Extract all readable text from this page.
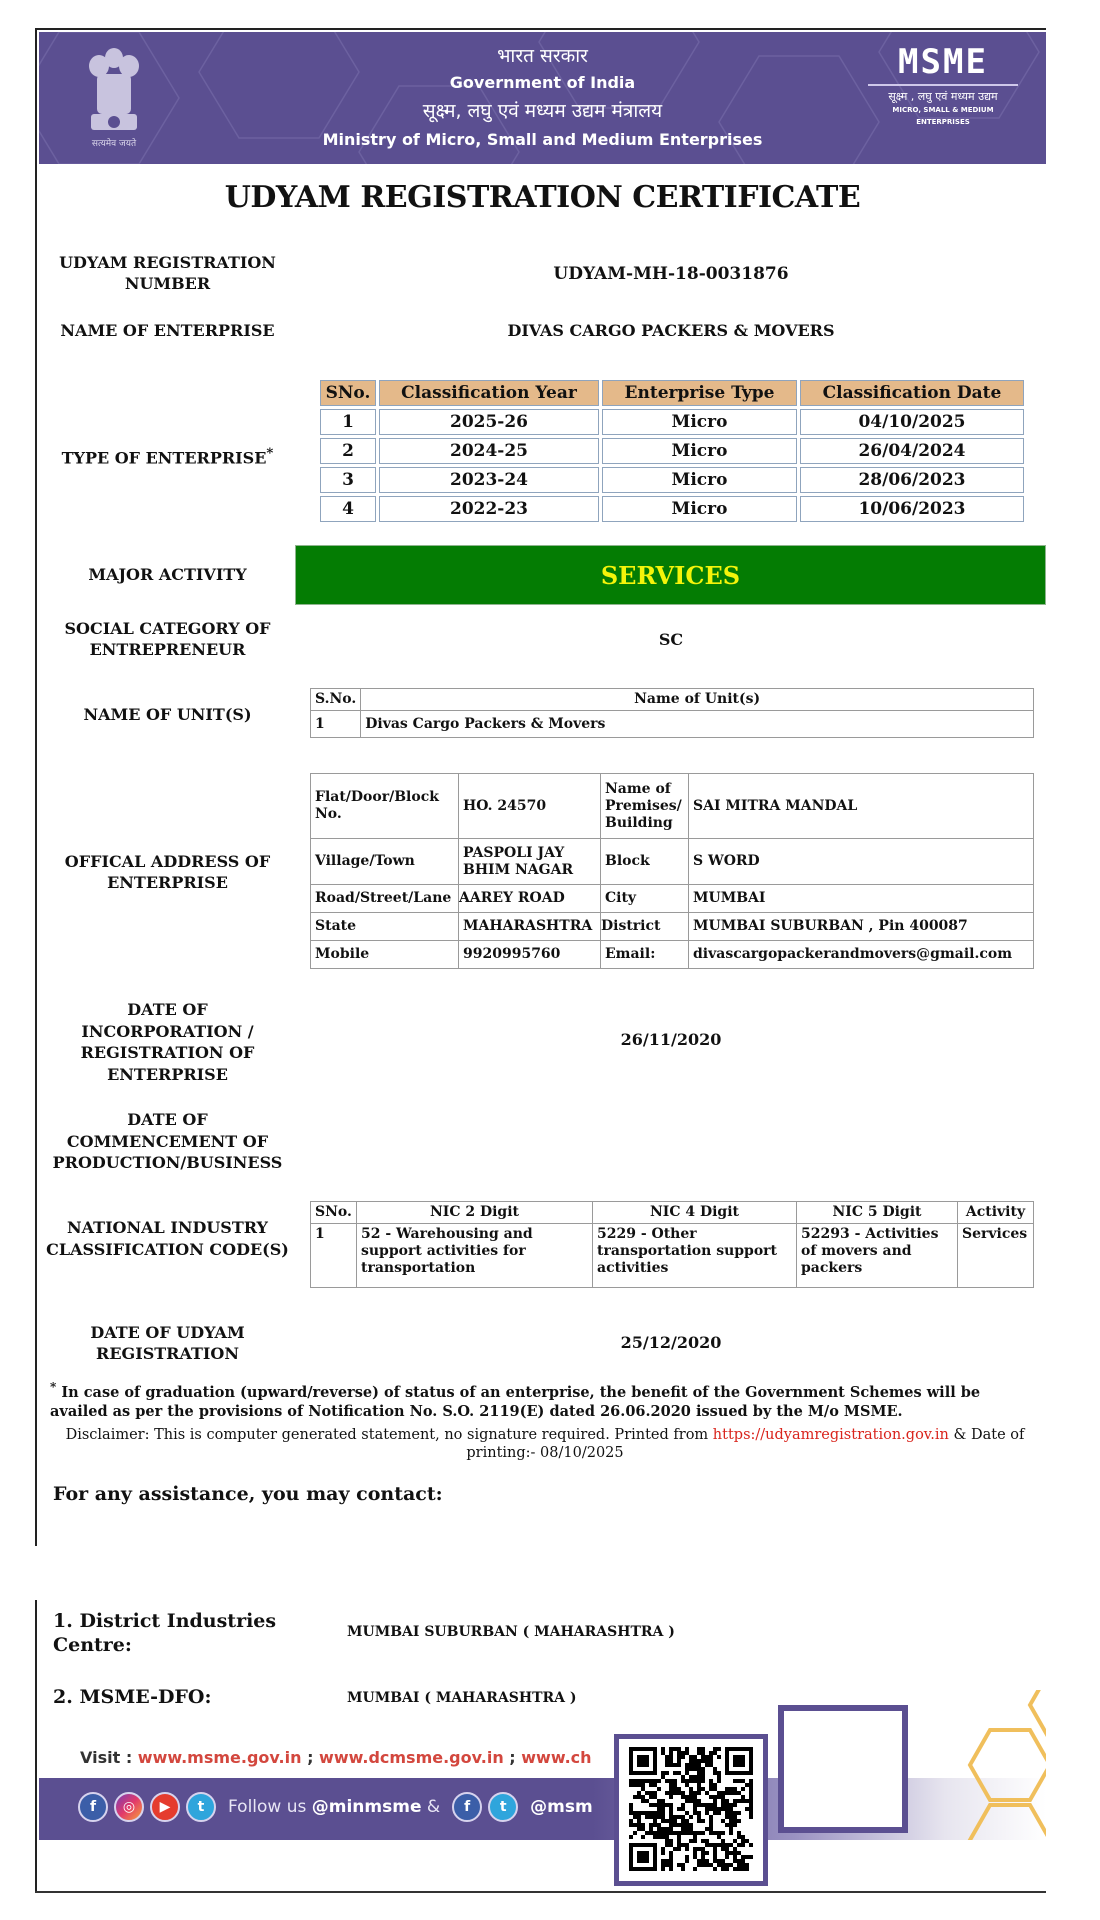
सत्यमेव जयते
भारत सरकार
Government of India
सूक्ष्म, लघु एवं मध्यम उद्यम मंत्रालय
Ministry of Micro, Small and Medium Enterprises
MSME
सूक्ष्म , लघु एवं मध्यम उद्यम
MICRO, SMALL & MEDIUM ENTERPRISES
UDYAM REGISTRATION CERTIFICATE
UDYAM REGISTRATION NUMBER	UDYAM-MH-18-0031876
NAME OF ENTERPRISE	DIVAS CARGO PACKERS & MOVERS
TYPE OF ENTERPRISE*
SNo.	Classification Year	Enterprise Type	Classification Date
1	2025-26	Micro	04/10/2025
2	2024-25	Micro	26/04/2024
3	2023-24	Micro	28/06/2023
4	2022-23	Micro	10/06/2023
MAJOR ACTIVITY	SERVICES
SOCIAL CATEGORY OF ENTREPRENEUR
SC
NAME OF UNIT(S)
S.No.	Name of Unit(s)
1	Divas Cargo Packers & Movers
OFFICAL ADDRESS OF ENTERPRISE
Flat/Door/Block No.	HO. 24570	Name of Premises/ Building	SAI MITRA MANDAL
Village/Town	PASPOLI JAY BHIM NAGAR	Block	S WORD
Road/Street/Lane	AAREY ROAD	City	MUMBAI
State	MAHARASHTRA	District	MUMBAI SUBURBAN , Pin 400087
Mobile	9920995760	Email:	divascargopackerandmovers@gmail.com
DATE OF INCORPORATION / REGISTRATION OF ENTERPRISE
26/11/2020
DATE OF COMMENCEMENT OF PRODUCTION/BUSINESS
NATIONAL INDUSTRY CLASSIFICATION CODE(S)
SNo.	NIC 2 Digit	NIC 4 Digit	NIC 5 Digit	Activity
1	52 - Warehousing and support activities for transportation	5229 - Other transportation support activities	52293 - Activities of movers and packers	Services
DATE OF UDYAM REGISTRATION
25/12/2020
* In case of graduation (upward/reverse) of status of an enterprise, the benefit of the Government Schemes will be availed as per the provisions of Notification No. S.O. 2119(E) dated 26.06.2020 issued by the M/o MSME.
Disclaimer: This is computer generated statement, no signature required. Printed from https://udyamregistration.gov.in & Date of printing:- 08/10/2025
For any assistance, you may contact:
1. District Industries Centre:
MUMBAI SUBURBAN ( MAHARASHTRA )
2. MSME-DFO:	MUMBAI ( MAHARASHTRA )
Visit : www.msme.gov.in ; www.dcmsme.gov.in ; www.ch
f	◎	▶	t	Follow us @minmsme &	f	t	@msm
